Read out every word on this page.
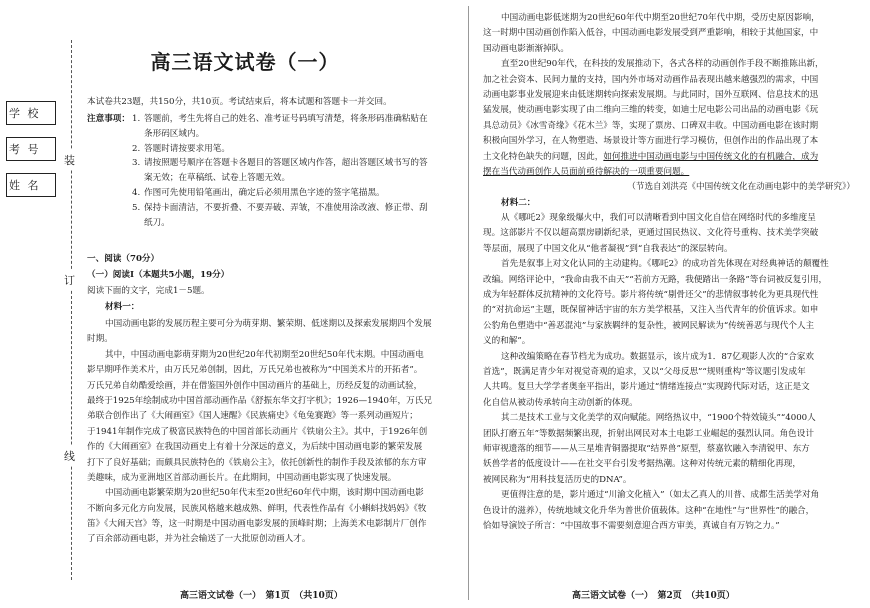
学 校
考 号
姓 名
装
订
线
高三语文试卷（一）
本试卷共23题，共150分，共10页。考试结束后，将本试题和答题卡一并交回。
注意事项： 1. 答题前，考生先将自己的姓名、准考证号码填写清楚，将条形码准确粘贴在
条形码区域内。
2. 答题时请按要求用笔。
3. 请按照题号顺序在答题卡各题目的答题区域内作答，超出答题区域书写的答
案无效；在草稿纸、试卷上答题无效。
4. 作图可先使用铅笔画出，确定后必须用黑色字迹的签字笔描黑。
5. 保持卡面清洁，不要折叠、不要弄破、弄皱，不准使用涂改液、修正带、刮
纸刀。
一、阅读（70分）
（一）阅读Ⅰ（本题共5小题，19分）
阅读下面的文字，完成1－5题。
材料一：
中国动画电影的发展历程主要可分为萌芽期、繁荣期、低迷期以及探索发展期四个发展
时期。
其中，中国动画电影萌芽期为20世纪20年代初期至20世纪50年代末期。中国动画电
影早期呼作美术片，由万氏兄弟创制，因此，万氏兄弟也被称为“中国美术片的开拓者”。
万氏兄弟自幼酷爱绘画，并在借鉴国外创作中国动画片的基础上，历经反复的动画试验，
最终于1925年绘制成功中国首部动画作品《舒振东华文打字机》；1926—1940年，万氏兄
弟联合创作出了《大闹画室》《国人速醒》《民族痛史》《龟兔赛跑》等一系列动画短片；
于1941年制作完成了极富民族特色的中国首部长动画片《铁扇公主》。其中，于1926年创
作的《大闹画室》在我国动画史上有着十分深远的意义，为后续中国动画电影的繁荣发展
打下了良好基础；而颇具民族特色的《铁扇公主》，依托创新性的制作手段及浓郁的东方审
美趣味，成为亚洲地区首部动画长片。在此期间，中国动画电影实现了快速发展。
中国动画电影繁荣期为20世纪50年代末至20世纪60年代中期，该时期中国动画电影
不断向多元化方向发展，民族风格越来越成熟、鲜明，代表性作品有《小蝌蚪找妈妈》《牧
笛》《大闹天宫》等，这一时期是中国动画电影发展的顶峰时期；上海美术电影制片厂创作
了百余部动画电影，并为社会输送了一大批原创动画人才。
中国动画电影低迷期为20世纪60年代中期至20世纪70年代中期，受历史原因影响，
这一时期中国动画创作陷入低谷，中国动画电影发展受到严重影响，相较于其他国家，中
国动画电影渐渐掉队。
直至20世纪90年代，在科技的发展推动下，各式各样的动画创作手段不断推陈出新，
加之社会资本、民间力量的支持，国内外市场对动画作品表现出越来越强烈的需求，中国
动画电影事业发展迎来由低迷期转向探索发展期。与此同时，国外互联网、信息技术的迅
猛发展，使动画电影实现了由二维向三维的转变，如迪士尼电影公司出品的动画电影《玩
具总动员》《冰雪奇缘》《花木兰》等，实现了票房、口碑双丰收。中国动画电影在该时期
积极向国外学习，在人物塑造、场景设计等方面进行学习模仿，但创作出的作品出现了本
土文化特色缺失的问题，因此，如何推进中国动画电影与中国传统文化的有机融合，成为
摆在当代动画创作人员面前亟待解决的一项重要问题。
（节选自刘洪亮《中国传统文化在动画电影中的美学研究》）
材料二：
从《哪吒2》现象级爆火中，我们可以清晰看到中国文化自信在网络时代的多维度呈
现。这部影片不仅以超高票房刷新纪录，更通过国民热议、文化符号重构、技术美学突破
等层面，展现了中国文化从“他者凝视”到“自我表达”的深层转向。
首先是叙事上对文化认同的主动建构。《哪吒2》的成功首先体现在对经典神话的颠覆性
改编。网络评论中，“我命由我不由天”“若前方无路，我便踏出一条路”等台词被反复引用，
成为年轻群体反抗精神的文化符号。影片将传统“剔骨还父”的悲情叙事转化为更具现代性
的“对抗命运”主题，既保留神话宇宙的东方美学根基，又注入当代青年的价值诉求。如申
公豹角色塑造中“善恶混沌”与家族羁绊的复杂性，被网民解读为“传统善恶与现代个人主
义的和解”。
这种改编策略在春节档尤为成功。数据显示，该片成为1．87亿观影人次的“合家欢
首选”，既满足青少年对视觉奇观的追求，又以“父母反思”“规则重构”等议题引发成年
人共鸣。复旦大学学者奥奎平指出，影片通过“情绪连接点”实现跨代际对话，这正是文
化自信从被动传承转向主动创新的体现。
其二是技术工业与文化美学的双向赋能。网络热议中，“1900个特效镜头”“4000人
团队打磨五年”等数据频繁出现，折射出网民对本土电影工业崛起的强烈认同。角色设计
师审视遗落的细节——从三星堆青铜器提取“结界兽”原型，蔡嘉钦融入李清锐甲、东方
妖兽学者的低度设计——在社交平台引发考据热潮。这种对传统元素的精细化再现，
被网民称为“用科技复活历史的DNA”。
更值得注意的是，影片通过“川渝文化植入”（如太乙真人的川普、成都生活美学对角
色设计的滋养），传统地域文化升华为普世价值载体。这种“在地性”与“世界性”的融合，
恰如导演饺子所言：“中国故事不需要刻意迎合西方审美，真诚自有万钧之力。”
高三语文试卷（一）　第1页　（共10页）	高三语文试卷（一）　第2页　（共10页）
